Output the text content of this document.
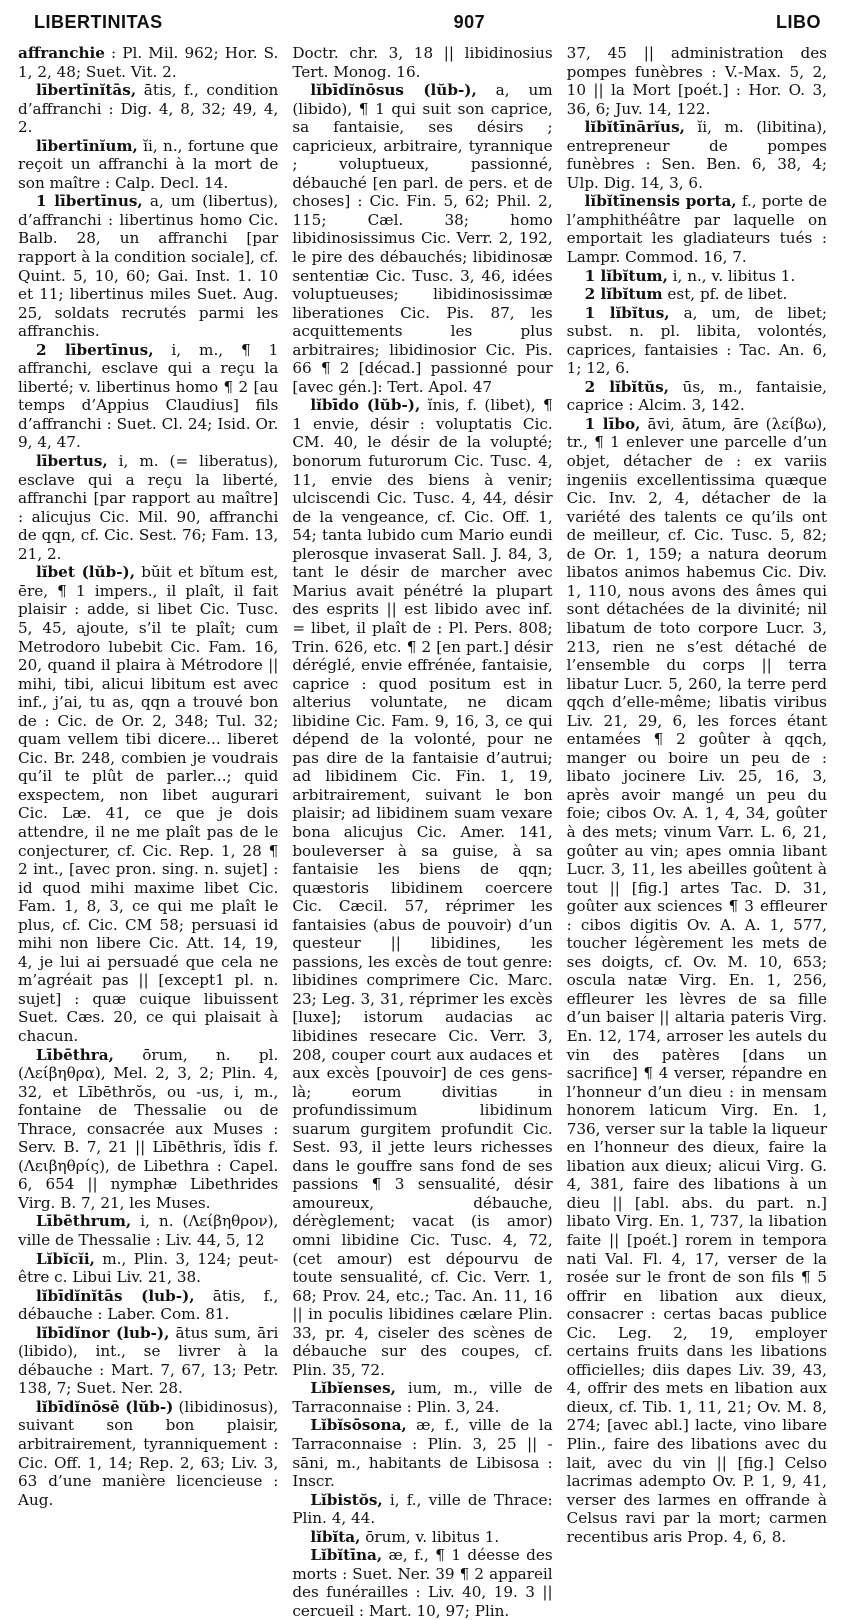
LIBERTINITAS	907	LIBO

affranchie : Pl. Mil. 962; Hor. S. 1, 2, 48; Suet. Vit. 2.

lībertīnĭtās, ātis, f., condition d’affranchi : Dig. 4, 8, 32; 49, 4, 2.

lībertīnĭum, ĭi, n., fortune que reçoit un affranchi à la mort de son maître : Calp. Decl. 14.

1 lībertīnus, a, um (libertus), d’affranchi : libertinus homo Cic. Balb. 28, un affranchi [par rapport à la condition sociale], cf. Quint. 5, 10, 60; Gai. Inst. 1. 10 et 11; libertinus miles Suet. Aug. 25, soldats recrutés parmi les affranchis.

2 lībertīnus, i, m., ¶ 1 affranchi, esclave qui a reçu la liberté; v. libertinus homo ¶ 2 [au temps d’Appius Claudius] fils d’affranchi : Suet. Cl. 24; Isid. Or. 9, 4, 47.

lībertus, i, m. (= liberatus), esclave qui a reçu la liberté, affranchi [par rapport au maître] : alicujus Cic. Mil. 90, affranchi de qqn, cf. Cic. Sest. 76; Fam. 13, 21, 2.

lĭbet (lŭb-), bŭit et bĭtum est, ēre, ¶ 1 impers., il plaît, il fait plaisir : adde, si libet Cic. Tusc. 5, 45, ajoute, s’il te plaît; cum Metrodoro lubebit Cic. Fam. 16, 20, quand il plaira à Métrodore || mihi, tibi, alicui libitum est avec inf., j’ai, tu as, qqn a trouvé bon de : Cic. de Or. 2, 348; Tul. 32; quam vellem tibi dicere... liberet Cic. Br. 248, combien je voudrais qu’il te plût de parler...; quid exspectem, non libet augurari Cic. Læ. 41, ce que je dois attendre, il ne me plaît pas de le conjecturer, cf. Cic. Rep. 1, 28 ¶ 2 int., [avec pron. sing. n. sujet] : id quod mihi maxime libet Cic. Fam. 1, 8, 3, ce qui me plaît le plus, cf. Cic. CM 58; persuasi id mihi non libere Cic. Att. 14, 19, 4, je lui ai persuadé que cela ne m’agréait pas || [except1 pl. n. sujet] : quæ cuique libuissent Suet. Cæs. 20, ce qui plaisait à chacun.

Lībēthra, ōrum, n. pl. (Λείβηθρα), Mel. 2, 3, 2; Plin. 4, 32, et Lībēthrŏs, ou -us, i, m., fontaine de Thessalie ou de Thrace, consacrée aux Muses : Serv. B. 7, 21 || Lībēthris, ĭdis f. (Λειβηθρίς), de Libethra : Capel. 6, 654 || nymphæ Libethrides Virg. B. 7, 21, les Muses.

Lībēthrum, i, n. (Λείβηθρον), ville de Thessalie : Liv. 44, 5, 12

Lĭbĭcĭi, m., Plin. 3, 124; peut-être c. Libui Liv. 21, 38.

lĭbīdĭnĭtās (lub-), ātis, f., débauche : Laber. Com. 81.

lĭbīdĭnor (lub-), ātus sum, āri (libido), int., se livrer à la débauche : Mart. 7, 67, 13; Petr. 138, 7; Suet. Ner. 28.

lĭbīdĭnōsē (lŭb-) (libidinosus), suivant son bon plaisir, arbitrairement, tyranniquement : Cic. Off. 1, 14; Rep. 2, 63; Liv. 3, 63 d’une manière licencieuse : Aug.

Doctr. chr. 3, 18 || libidinosius Tert. Monog. 16.

lĭbīdĭnōsus (lŭb-), a, um (libido), ¶ 1 qui suit son caprice, sa fantaisie, ses désirs ; capricieux, arbitraire, tyrannique ; voluptueux, passionné, débauché [en parl. de pers. et de choses] : Cic. Fin. 5, 62; Phil. 2, 115; Cæl. 38; homo libidinosissimus Cic. Verr. 2, 192, le pire des débauchés; libidinosæ sententiæ Cic. Tusc. 3, 46, idées voluptueuses; libidinosissimæ liberationes Cic. Pis. 87, les acquittements les plus arbitraires; libidinosior Cic. Pis. 66 ¶ 2 [décad.] passionné pour [avec gén.]: Tert. Apol. 47

lĭbīdo (lŭb-), ĭnis, f. (libet), ¶ 1 envie, désir : voluptatis Cic. CM. 40, le désir de la volupté; bonorum futurorum Cic. Tusc. 4, 11, envie des biens à venir; ulciscendi Cic. Tusc. 4, 44, désir de la vengeance, cf. Cic. Off. 1, 54; tanta lubido cum Mario eundi plerosque invaserat Sall. J. 84, 3, tant le désir de marcher avec Marius avait pénétré la plupart des esprits || est libido avec inf. = libet, il plaît de : Pl. Pers. 808; Trin. 626, etc. ¶ 2 [en part.] désir déréglé, envie effrénée, fantaisie, caprice : quod positum est in alterius voluntate, ne dicam libidine Cic. Fam. 9, 16, 3, ce qui dépend de la volonté, pour ne pas dire de la fantaisie d’autrui; ad libidinem Cic. Fin. 1, 19, arbitrairement, suivant le bon plaisir; ad libidinem suam vexare bona alicujus Cic. Amer. 141, bouleverser à sa guise, à sa fantaisie les biens de qqn; quæstoris libidinem coercere Cic. Cæcil. 57, réprimer les fantaisies (abus de pouvoir) d’un questeur || libidines, les passions, les excès de tout genre: libidines comprimere Cic. Marc. 23; Leg. 3, 31, réprimer les excès [luxe]; istorum audacias ac libidines resecare Cic. Verr. 3, 208, couper court aux audaces et aux excès [pouvoir] de ces gens-là; eorum divitias in profundissimum libidinum suarum gurgitem profundit Cic. Sest. 93, il jette leurs richesses dans le gouffre sans fond de ses passions ¶ 3 sensualité, désir amoureux, débauche, dérèglement; vacat (is amor) omni libidine Cic. Tusc. 4, 72, (cet amour) est dépourvu de toute sensualité, cf. Cic. Verr. 1, 68; Prov. 24, etc.; Tac. An. 11, 16 || in poculis libidines cælare Plin. 33, pr. 4, ciseler des scènes de débauche sur des coupes, cf. Plin. 35, 72.

Lĭbĭenses, ium, m., ville de Tarraconnaise : Plin. 3, 24.

Lĭbĭsōsona, æ, f., ville de la Tarraconnaise : Plin. 3, 25 || -sāni, m., habitants de Libisosa : Inscr.

Lĭbistŏs, i, f., ville de Thrace: Plin. 4, 44.

lĭbĭta, ōrum, v. libitus 1.

Lĭbĭtīna, æ, f., ¶ 1 déesse des morts : Suet. Ner. 39 ¶ 2 appareil des funérailles : Liv. 40, 19. 3 || cercueil : Mart. 10, 97; Plin.

37, 45 || administration des pompes funèbres : V.-Max. 5, 2, 10 || la Mort [poét.] : Hor. O. 3, 36, 6; Juv. 14, 122.

lĭbĭtīnārĭus, ĭi, m. (libitina), entrepreneur de pompes funèbres : Sen. Ben. 6, 38, 4; Ulp. Dig. 14, 3, 6.

lĭbĭtīnensis porta, f., porte de l’amphithéâtre par laquelle on emportait les gladiateurs tués : Lampr. Commod. 16, 7.

1 lĭbĭtum, i, n., v. libitus 1.

2 lĭbĭtum est, pf. de libet.

1 lĭbĭtus, a, um, de libet; subst. n. pl. libita, volontés, caprices, fantaisies : Tac. An. 6, 1; 12, 6.

2 lĭbĭtŭs, ūs, m., fantaisie, caprice : Alcim. 3, 142.

1 lībo, āvi, ātum, āre (λείβω), tr., ¶ 1 enlever une parcelle d’un objet, détacher de : ex variis ingeniis excellentissima quæque Cic. Inv. 2, 4, détacher de la variété des talents ce qu’ils ont de meilleur, cf. Cic. Tusc. 5, 82; de Or. 1, 159; a natura deorum libatos animos habemus Cic. Div. 1, 110, nous avons des âmes qui sont détachées de la divinité; nil libatum de toto corpore Lucr. 3, 213, rien ne s’est détaché de l’ensemble du corps || terra libatur Lucr. 5, 260, la terre perd qqch d’elle-même; libatis viribus Liv. 21, 29, 6, les forces étant entamées ¶ 2 goûter à qqch, manger ou boire un peu de : libato jocinere Liv. 25, 16, 3, après avoir mangé un peu du foie; cibos Ov. A. 1, 4, 34, goûter à des mets; vinum Varr. L. 6, 21, goûter au vin; apes omnia libant Lucr. 3, 11, les abeilles goûtent à tout || [fig.] artes Tac. D. 31, goûter aux sciences ¶ 3 effleurer : cibos digitis Ov. A. A. 1, 577, toucher légèrement les mets de ses doigts, cf. Ov. M. 10, 653; oscula natæ Virg. En. 1, 256, effleurer les lèvres de sa fille d’un baiser || altaria pateris Virg. En. 12, 174, arroser les autels du vin des patères [dans un sacrifice] ¶ 4 verser, répandre en l’honneur d’un dieu : in mensam honorem laticum Virg. En. 1, 736, verser sur la table la liqueur en l’honneur des dieux, faire la libation aux dieux; alicui Virg. G. 4, 381, faire des libations à un dieu || [abl. abs. du part. n.] libato Virg. En. 1, 737, la libation faite || [poét.] rorem in tempora nati Val. Fl. 4, 17, verser de la rosée sur le front de son fils ¶ 5 offrir en libation aux dieux, consacrer : certas bacas publice Cic. Leg. 2, 19, employer certains fruits dans les libations officielles; diis dapes Liv. 39, 43, 4, offrir des mets en libation aux dieux, cf. Tib. 1, 11, 21; Ov. M. 8, 274; [avec abl.] lacte, vino libare Plin., faire des libations avec du lait, avec du vin || [fig.] Celso lacrimas ademptо Ov. P. 1, 9, 41, verser des larmes en offrande à Celsus ravi par la mort; carmen recentibus aris Prop. 4, 6, 8.
